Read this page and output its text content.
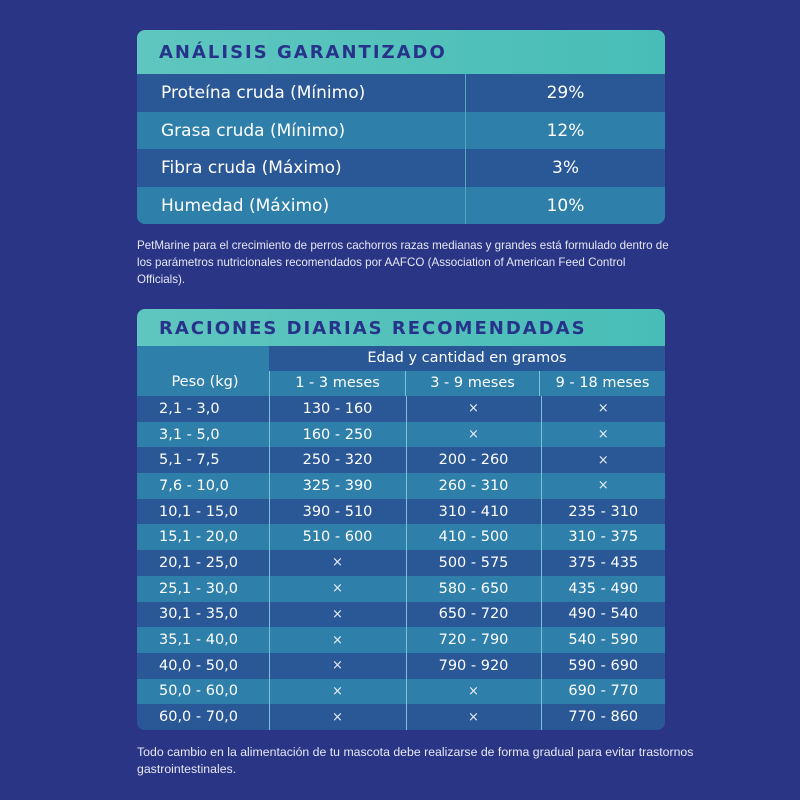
ANÁLISIS GARANTIZADO
Proteína cruda (Mínimo)	29%
Grasa cruda (Mínimo)	12%
Fibra cruda (Máximo)	3%
Humedad (Máximo)	10%
PetMarine para el crecimiento de perros cachorros razas medianas y grandes está formulado dentro de los parámetros nutricionales recomendados por AAFCO (Association of American Feed Control Officials).
RACIONES DIARIAS RECOMENDADAS
Peso (kg)
Edad y cantidad en gramos
1 - 3 meses	3 - 9 meses	9 - 18 meses
2,1 - 3,0	130 - 160	×	×
3,1 - 5,0	160 - 250	×	×
5,1 - 7,5	250 - 320	200 - 260	×
7,6 - 10,0	325 - 390	260 - 310	×
10,1 - 15,0	390 - 510	310 - 410	235 - 310
15,1 - 20,0	510 - 600	410 - 500	310 - 375
20,1 - 25,0	×	500 - 575	375 - 435
25,1 - 30,0	×	580 - 650	435 - 490
30,1 - 35,0	×	650 - 720	490 - 540
35,1 - 40,0	×	720 - 790	540 - 590
40,0 - 50,0	×	790 - 920	590 - 690
50,0 - 60,0	×	×	690 - 770
60,0 - 70,0	×	×	770 - 860
Todo cambio en la alimentación de tu mascota debe realizarse de forma gradual para evitar trastornos gastrointestinales.
